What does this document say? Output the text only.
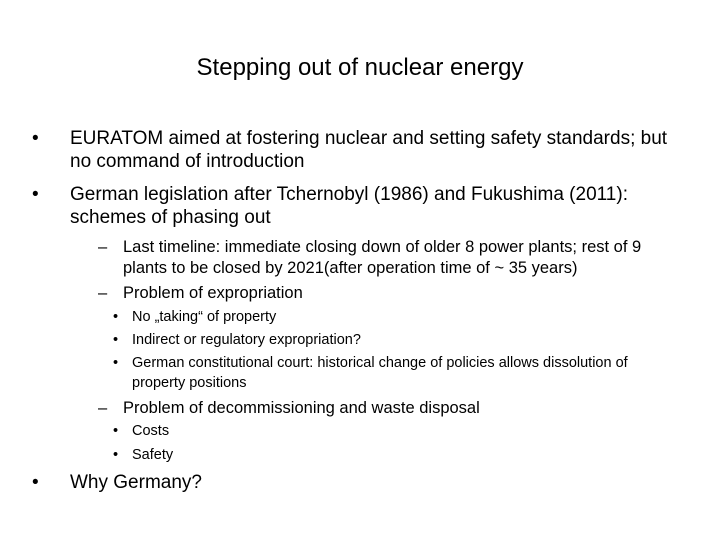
Stepping out of nuclear energy
•	EURATOM aimed at fostering nuclear and setting safety standards; but no command of introduction
•	German legislation after Tchernobyl (1986) and Fukushima (2011): schemes of phasing out
– Last timeline: immediate closing down of older 8 power plants; rest of 9 plants to be closed by 2021(after operation time of ~ 35 years)
– Problem of expropriation
• No „taking“ of property
• Indirect or regulatory expropriation?
• German constitutional court: historical change of policies allows dissolution of property positions
– Problem of decommissioning and waste disposal
• Costs
• Safety
•	Why Germany?
